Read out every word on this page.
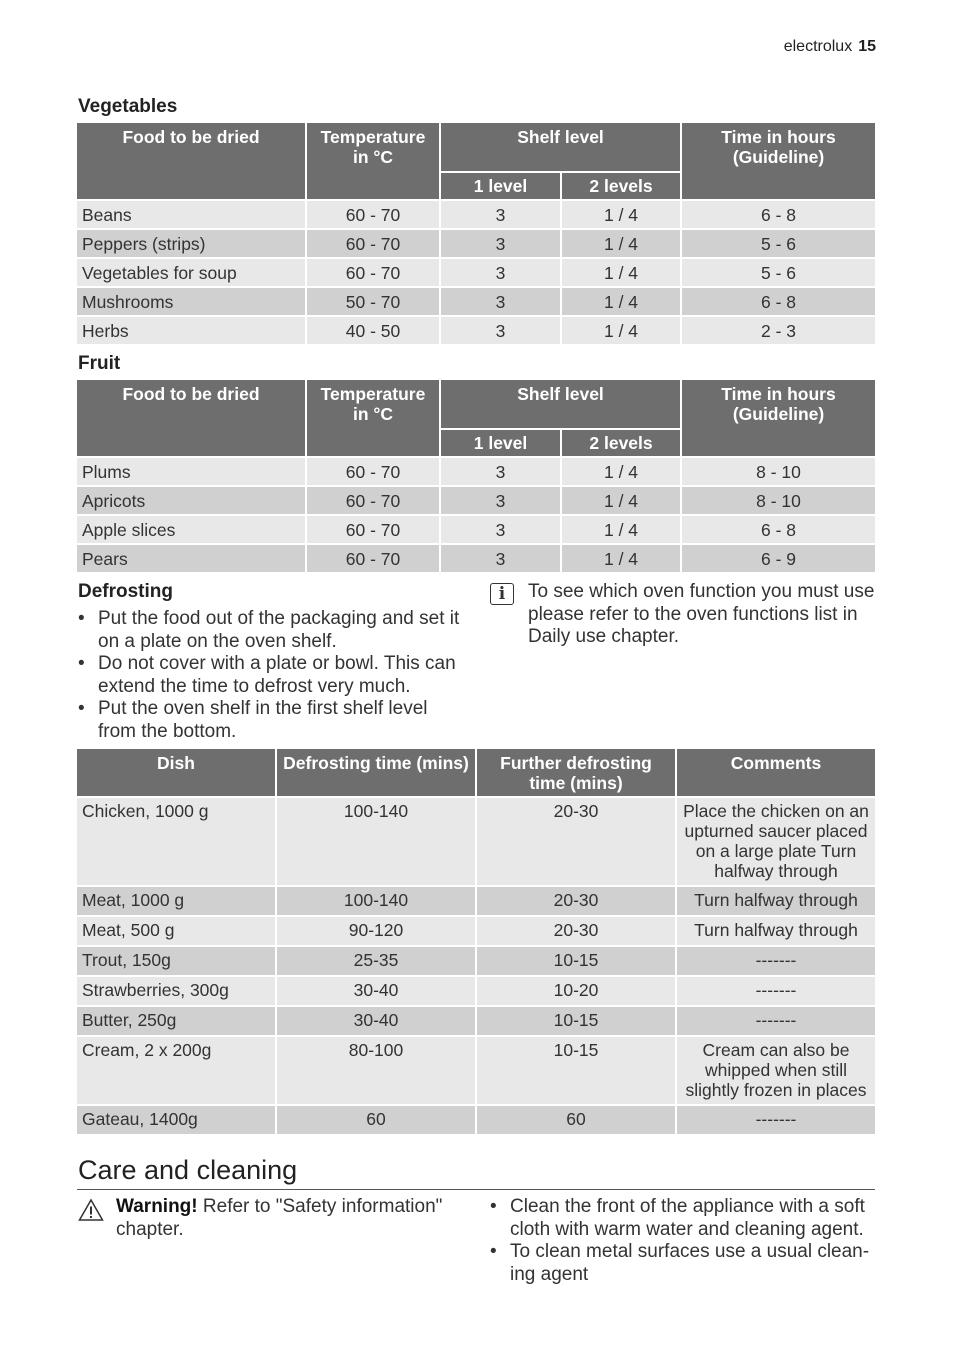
electrolux 15
Vegetables
Food to be dried	Temperature in °C	Shelf level		Time in hours (Guideline)
		1 level	2 levels	
Beans	60 - 70	3	1 / 4	6 - 8
Peppers (strips)	60 - 70	3	1 / 4	5 - 6
Vegetables for soup	60 - 70	3	1 / 4	5 - 6
Mushrooms	50 - 70	3	1 / 4	6 - 8
Herbs	40 - 50	3	1 / 4	2 - 3
Fruit
Food to be dried	Temperature in °C	Shelf level		Time in hours (Guideline)
		1 level	2 levels	
Plums	60 - 70	3	1 / 4	8 - 10
Apricots	60 - 70	3	1 / 4	8 - 10
Apple slices	60 - 70	3	1 / 4	6 - 8
Pears	60 - 70	3	1 / 4	6 - 9
Defrosting
• Put the food out of the packaging and set it on a plate on the oven shelf.
• Do not cover with a plate or bowl. This can extend the time to defrost very much.
• Put the oven shelf in the first shelf level from the bottom.
i	To see which oven function you must use please refer to the oven functions list in Daily use chapter.
Dish	Defrosting time (mins)	Further defrosting time (mins)	Comments
Chicken, 1000 g	100-140	20-30	Place the chicken on an upturned saucer placed on a large plate Turn halfway through
Meat, 1000 g	100-140	20-30	Turn halfway through
Meat, 500 g	90-120	20-30	Turn halfway through
Trout, 150g	25-35	10-15	-------
Strawberries, 300g	30-40	10-20	-------
Butter, 250g	30-40	10-15	-------
Cream, 2 x 200g	80-100	10-15	Cream can also be whipped when still slightly frozen in places
Gateau, 1400g	60	60	-------
Care and cleaning
Warning! Refer to "Safety information" chapter.
• Clean the front of the appliance with a soft cloth with warm water and cleaning agent.
• To clean metal surfaces use a usual clean-ing agent
